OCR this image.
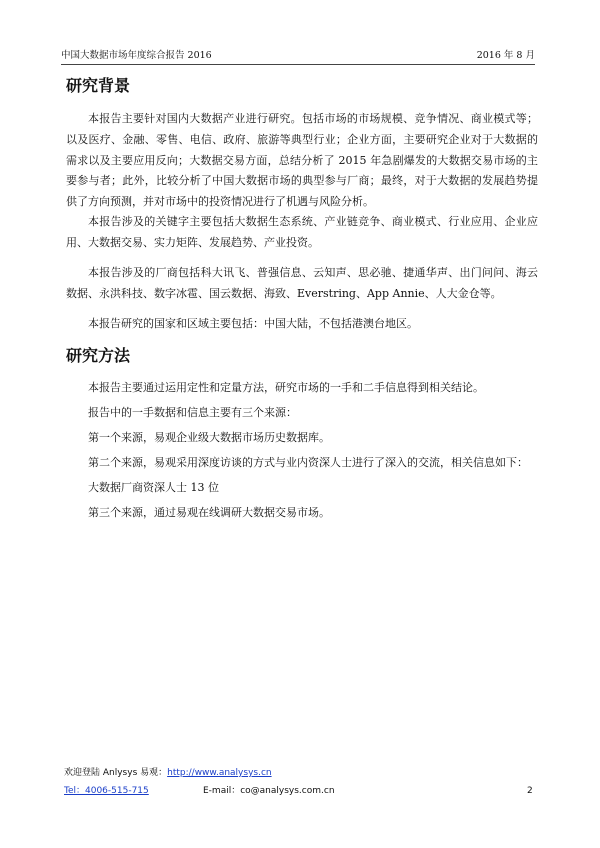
中国大数据市场年度综合报告 2016	2016 年 8 月
研究背景

本报告主要针对国内大数据产业进行研究。包括市场的市场规模、竞争情况、商业模式等；以及医疗、金融、零售、电信、政府、旅游等典型行业；企业方面，主要研究企业对于大数据的需求以及主要应用反向；大数据交易方面，总结分析了 2015 年急剧爆发的大数据交易市场的主要参与者；此外，比较分析了中国大数据市场的典型参与厂商；最终，对于大数据的发展趋势提供了方向预测，并对市场中的投资情况进行了机遇与风险分析。

本报告涉及的关键字主要包括大数据生态系统、产业链竞争、商业模式、行业应用、企业应用、大数据交易、实力矩阵、发展趋势、产业投资。

本报告涉及的厂商包括科大讯飞、普强信息、云知声、思必驰、捷通华声、出门问问、海云数据、永洪科技、数字冰雹、国云数据、海致、Everstring、App Annie、人大金仓等。

本报告研究的国家和区域主要包括：中国大陆，不包括港澳台地区。

研究方法

本报告主要通过运用定性和定量方法，研究市场的一手和二手信息得到相关结论。

报告中的一手数据和信息主要有三个来源：

第一个来源，易观企业级大数据市场历史数据库。

第二个来源，易观采用深度访谈的方式与业内资深人士进行了深入的交流，相关信息如下：

大数据厂商资深人士 13 位

第三个来源，通过易观在线调研大数据交易市场。

欢迎登陆 Anlysys 易观：http://www.analysys.cn
Tel：4006-515-715	E-mail：co@analysys.com.cn	2
